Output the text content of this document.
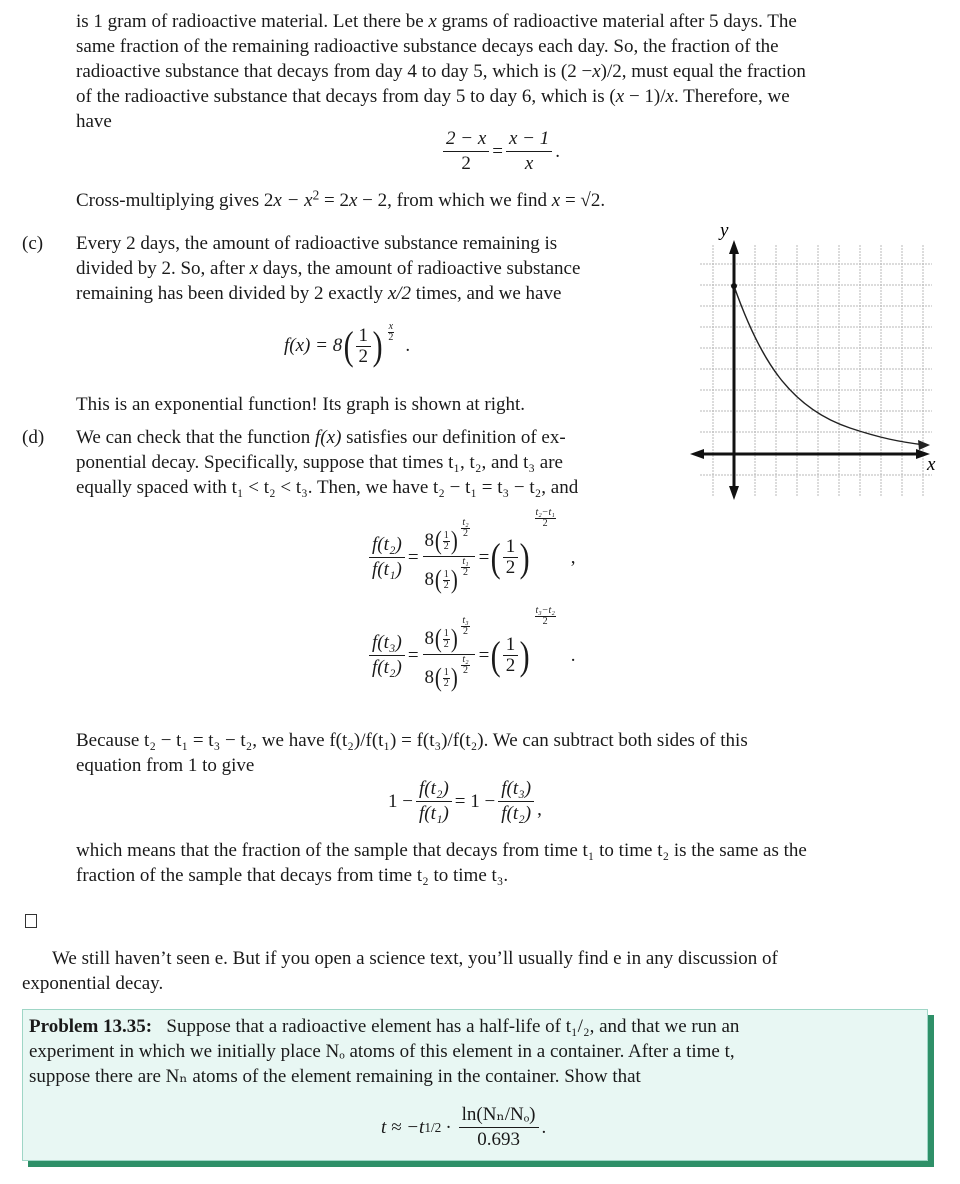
is 1 gram of radioactive material. Let there be x grams of radioactive material after 5 days. The
same fraction of the remaining radioactive substance decays each day. So, the fraction of the
radioactive substance that decays from day 4 to day 5, which is (2 −x)/2, must equal the fraction
of the radioactive substance that decays from day 5 to day 6, which is (x − 1)/x. Therefore, we
have
$\frac{2 - x}{2} = \frac{x - 1}{x}$ .
Cross-multiplying gives $2x - x^2 = 2x - 2$, from which we find x = √2.
(c) Every 2 days, the amount of radioactive substance remaining is
divided by 2. So, after x days, the amount of radioactive substance
remaining has been divided by 2 exactly x/2 times, and we have
f(x) = 8 ( $\frac{1}{2}$ ) $\frac{x}{2}$
.
This is an exponential function! Its graph is shown at right.
(d) We can check that the function f(x) satisfies our definition of ex-
ponential decay. Specifically, suppose that times t₁, t₂, and t₃ are
equally spaced with t₁ < t₂ < t₃. Then, we have t₂ − t₁ = t₃ − t₂, and
$\frac{\text{f(t₂)}}{\text{f(t₁)}} = \frac{8 ( \frac{1}{2} ) \frac{\text{t₂}}{2}}{8 ( \frac{1}{2} ) \frac{\text{t₁}}{2}}$ = ( $\frac{1}{2}$ )
$\frac{\text{t₂−t₁}}{2}$
,
$\frac{\text{f(t₃)}}{\text{f(t₂)}} = \frac{8 ( \frac{1}{2} ) \frac{\text{t₃}}{2}}{8 ( \frac{1}{2} ) \frac{\text{t₂}}{2}}$ = ( $\frac{1}{2}$ )
$\frac{\text{t₃−t₂}}{2}$
.
Because t₂ − t₁ = t₃ − t₂, we have f(t₂)/f(t₁) = f(t₃)/f(t₂). We can subtract both sides of this
equation from 1 to give
$1 - \frac{\text{f(t₂)}}{\text{f(t₁)}} = 1 - \frac{\text{f(t₃)}}{\text{f(t₂)}}$ ,
which means that the fraction of the sample that decays from time t₁ to time t₂ is the same as the
fraction of the sample that decays from time t₂ to time t₃.
y
x
We still haven’t seen e. But if you open a science text, you’ll usually find e in any discussion of
exponential decay.
Problem 13.35: Suppose that a radioactive element has a half-life of t₁/₂, and that we run an
experiment in which we initially place Nₒ atoms of this element in a container. After a time t,
suppose there are Nₙ atoms of the element remaining in the container. Show that
t ≈ −t $1/2 \cdot \frac{\text{ln(Nₙ/Nₒ)}}{0.693}$ .
